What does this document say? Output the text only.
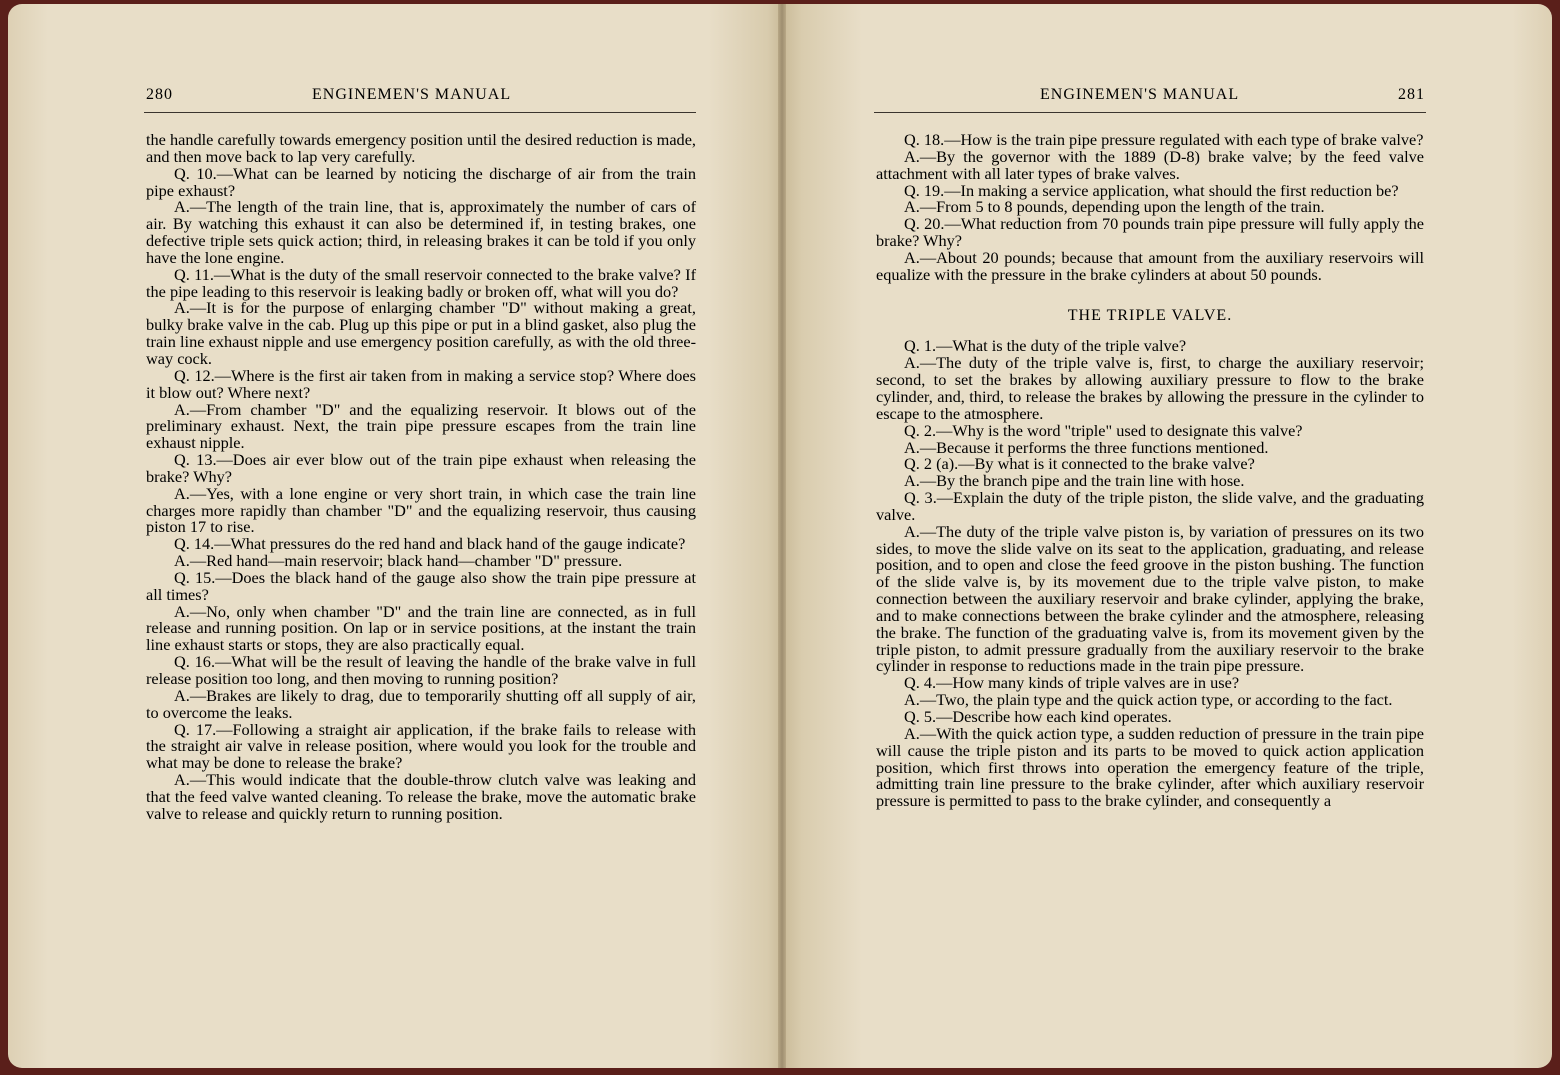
280	ENGINEMEN'S MANUAL

the handle carefully towards emergency position until the desired reduction is made, and then move back to lap very carefully.

Q. 10.—What can be learned by noticing the discharge of air from the train pipe exhaust?

A.—The length of the train line, that is, approximately the number of cars of air. By watching this exhaust it can also be determined if, in testing brakes, one defective triple sets quick action; third, in releasing brakes it can be told if you only have the lone engine.

Q. 11.—What is the duty of the small reservoir connected to the brake valve? If the pipe leading to this reservoir is leaking badly or broken off, what will you do?

A.—It is for the purpose of enlarging chamber "D" without making a great, bulky brake valve in the cab. Plug up this pipe or put in a blind gasket, also plug the train line exhaust nipple and use emergency position carefully, as with the old three-way cock.

Q. 12.—Where is the first air taken from in making a service stop? Where does it blow out? Where next?

A.—From chamber "D" and the equalizing reservoir. It blows out of the preliminary exhaust. Next, the train pipe pressure escapes from the train line exhaust nipple.

Q. 13.—Does air ever blow out of the train pipe exhaust when releasing the brake? Why?

A.—Yes, with a lone engine or very short train, in which case the train line charges more rapidly than chamber "D" and the equalizing reservoir, thus causing piston 17 to rise.

Q. 14.—What pressures do the red hand and black hand of the gauge indicate?

A.—Red hand—main reservoir; black hand—chamber "D" pressure.

Q. 15.—Does the black hand of the gauge also show the train pipe pressure at all times?

A.—No, only when chamber "D" and the train line are connected, as in full release and running position. On lap or in service positions, at the instant the train line exhaust starts or stops, they are also practically equal.

Q. 16.—What will be the result of leaving the handle of the brake valve in full release position too long, and then moving to running position?

A.—Brakes are likely to drag, due to temporarily shutting off all supply of air, to overcome the leaks.

Q. 17.—Following a straight air application, if the brake fails to release with the straight air valve in release position, where would you look for the trouble and what may be done to release the brake?

A.—This would indicate that the double-throw clutch valve was leaking and that the feed valve wanted cleaning. To release the brake, move the automatic brake valve to release and quickly return to running position.

ENGINEMEN'S MANUAL	281

Q. 18.—How is the train pipe pressure regulated with each type of brake valve?

A.—By the governor with the 1889 (D-8) brake valve; by the feed valve attachment with all later types of brake valves.

Q. 19.—In making a service application, what should the first reduction be?

A.—From 5 to 8 pounds, depending upon the length of the train.

Q. 20.—What reduction from 70 pounds train pipe pressure will fully apply the brake? Why?

A.—About 20 pounds; because that amount from the auxiliary reservoirs will equalize with the pressure in the brake cylinders at about 50 pounds.

THE TRIPLE VALVE.

Q. 1.—What is the duty of the triple valve?

A.—The duty of the triple valve is, first, to charge the auxiliary reservoir; second, to set the brakes by allowing auxiliary pressure to flow to the brake cylinder, and, third, to release the brakes by allowing the pressure in the cylinder to escape to the atmosphere.

Q. 2.—Why is the word "triple" used to designate this valve?

A.—Because it performs the three functions mentioned.

Q. 2 (a).—By what is it connected to the brake valve?

A.—By the branch pipe and the train line with hose.

Q. 3.—Explain the duty of the triple piston, the slide valve, and the graduating valve.

A.—The duty of the triple valve piston is, by variation of pressures on its two sides, to move the slide valve on its seat to the application, graduating, and release position, and to open and close the feed groove in the piston bushing. The function of the slide valve is, by its movement due to the triple valve piston, to make connection between the auxiliary reservoir and brake cylinder, applying the brake, and to make connections between the brake cylinder and the atmosphere, releasing the brake. The function of the graduating valve is, from its movement given by the triple piston, to admit pressure gradually from the auxiliary reservoir to the brake cylinder in response to reductions made in the train pipe pressure.

Q. 4.—How many kinds of triple valves are in use?

A.—Two, the plain type and the quick action type, or according to the fact.

Q. 5.—Describe how each kind operates.

A.—With the quick action type, a sudden reduction of pressure in the train pipe will cause the triple piston and its parts to be moved to quick action application position, which first throws into operation the emergency feature of the triple, admitting train line pressure to the brake cylinder, after which auxiliary reservoir pressure is permitted to pass to the brake cylinder, and consequently a
